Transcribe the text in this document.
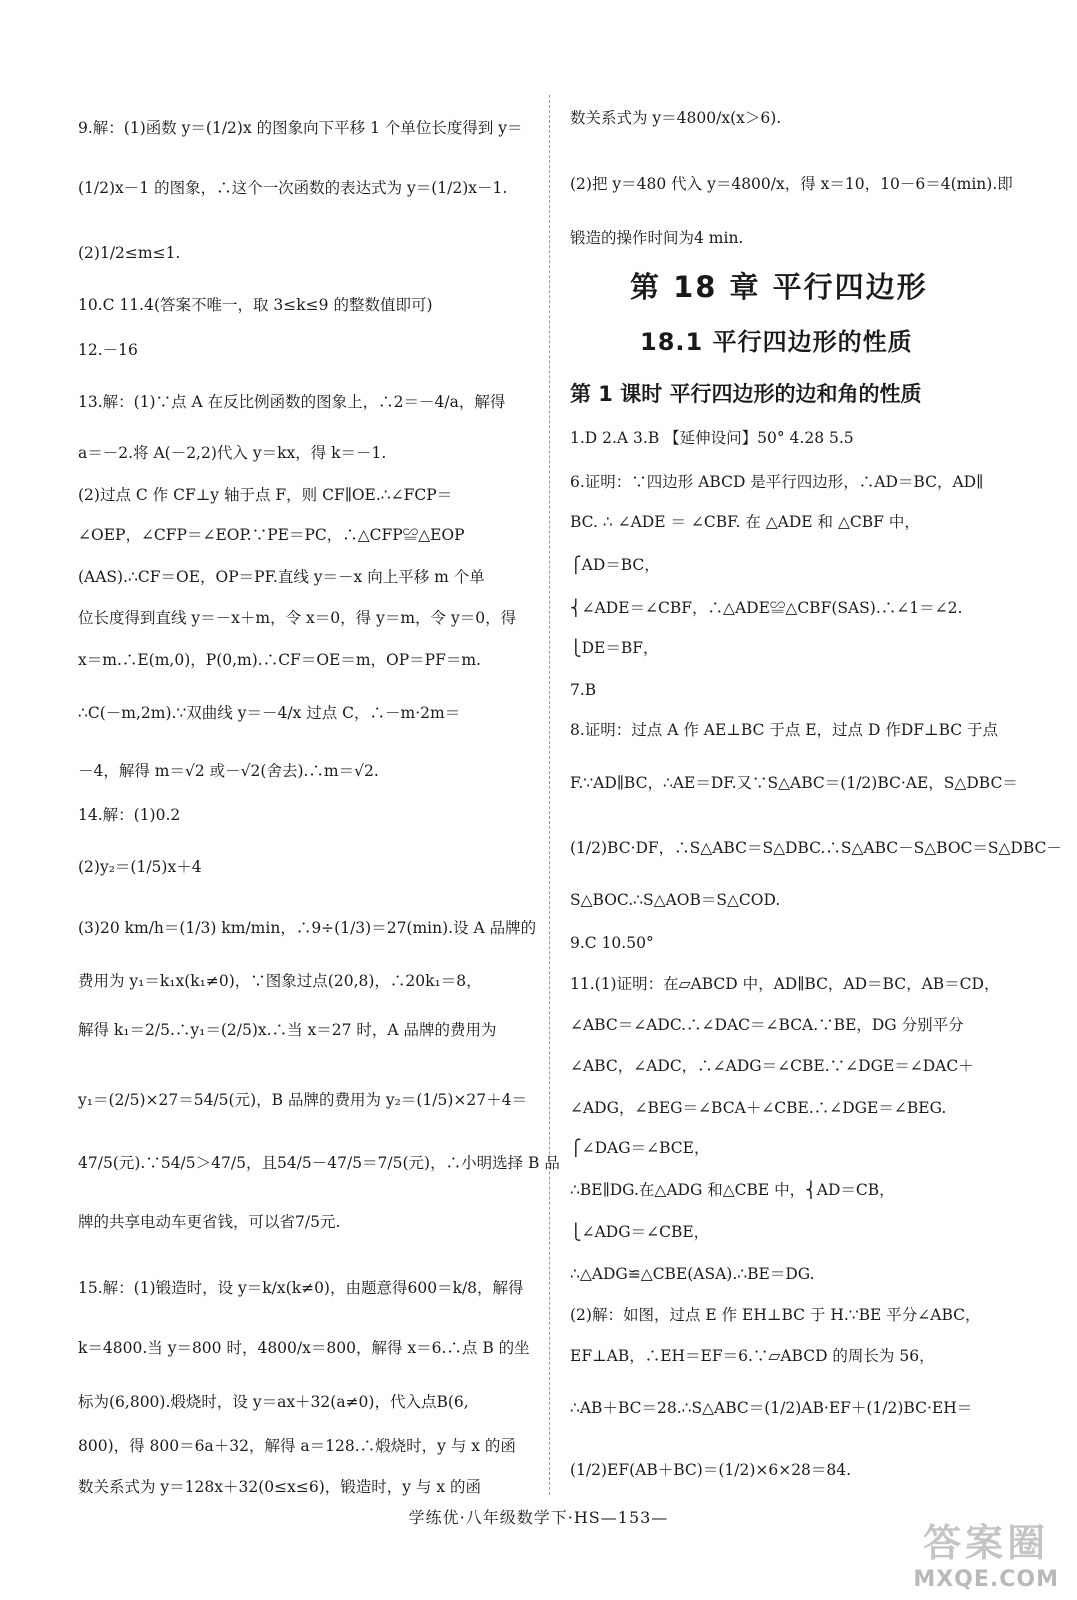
9.解：(1)函数 y＝(1/2)x 的图象向下平移 1 个单位长度得到 y＝
(1/2)x－1 的图象，∴这个一次函数的表达式为 y＝(1/2)x－1.
(2)1/2≤m≤1.
10.C 11.4(答案不唯一，取 3≤k≤9 的整数值即可)
12.－16
13.解：(1)∵点 A 在反比例函数的图象上，∴2＝－4/a，解得
a＝－2.将 A(－2,2)代入 y＝kx，得 k＝－1.
(2)过点 C 作 CF⊥y 轴于点 F，则 CF∥OE.∴∠FCP＝
∠OEP，∠CFP＝∠EOP.∵PE＝PC，∴△CFP≌△EOP
(AAS).∴CF＝OE，OP＝PF.直线 y＝－x 向上平移 m 个单
位长度得到直线 y＝－x＋m，令 x＝0，得 y＝m，令 y＝0，得
x＝m.∴E(m,0)，P(0,m).∴CF＝OE＝m，OP＝PF＝m.
∴C(－m,2m).∵双曲线 y＝－4/x 过点 C，∴－m·2m＝
－4，解得 m＝√2 或－√2(舍去).∴m＝√2.
14.解：(1)0.2
(2)y₂＝(1/5)x＋4
(3)20 km/h＝(1/3) km/min，∴9÷(1/3)＝27(min).设 A 品牌的
费用为 y₁＝k₁x(k₁≠0)，∵图象过点(20,8)，∴20k₁＝8，
解得 k₁＝2/5.∴y₁＝(2/5)x.∴当 x＝27 时，A 品牌的费用为
y₁＝(2/5)×27＝54/5(元)，B 品牌的费用为 y₂＝(1/5)×27＋4＝
47/5(元).∵54/5＞47/5，且54/5－47/5＝7/5(元)，∴小明选择 B 品
牌的共享电动车更省钱，可以省7/5元.
15.解：(1)锻造时，设 y＝k/x(k≠0)，由题意得600＝k/8，解得
k＝4800.当 y＝800 时，4800/x＝800，解得 x＝6.∴点 B 的坐
标为(6,800).煅烧时，设 y＝ax＋32(a≠0)，代入点B(6,
800)，得 800＝6a＋32，解得 a＝128.∴煅烧时，y 与 x 的函
数关系式为 y＝128x＋32(0≤x≤6)，锻造时，y 与 x 的函
数关系式为 y＝4800/x(x＞6).
(2)把 y＝480 代入 y＝4800/x，得 x＝10，10－6＝4(min).即
锻造的操作时间为4 min.
第 18 章 平行四边形
18.1 平行四边形的性质
第 1 课时 平行四边形的边和角的性质
1.D 2.A 3.B 【延伸设问】50° 4.28 5.5
6.证明：∵四边形 ABCD 是平行四边形，∴AD＝BC，AD∥
BC. ∴ ∠ADE ＝ ∠CBF. 在 △ADE 和 △CBF 中，
⎧AD＝BC，
⎨∠ADE＝∠CBF，∴△ADE≌△CBF(SAS).∴∠1＝∠2.
⎩DE＝BF，
7.B
8.证明：过点 A 作 AE⊥BC 于点 E，过点 D 作DF⊥BC 于点
F.∵AD∥BC，∴AE＝DF.又∵S△ABC＝(1/2)BC·AE，S△DBC＝
(1/2)BC·DF，∴S△ABC＝S△DBC.∴S△ABC－S△BOC＝S△DBC－
S△BOC.∴S△AOB＝S△COD.
9.C 10.50°
11.(1)证明：在▱ABCD 中，AD∥BC，AD＝BC，AB＝CD，
∠ABC＝∠ADC.∴∠DAC＝∠BCA.∵BE，DG 分别平分
∠ABC，∠ADC，∴∠ADG＝∠CBE.∵∠DGE＝∠DAC＋
∠ADG，∠BEG＝∠BCA＋∠CBE.∴∠DGE＝∠BEG.
⎧∠DAG＝∠BCE，
∴BE∥DG.在△ADG 和△CBE 中，⎨AD＝CB，
⎩∠ADG＝∠CBE，
∴△ADG≌△CBE(ASA).∴BE＝DG.
(2)解：如图，过点 E 作 EH⊥BC 于 H.∵BE 平分∠ABC，
EF⊥AB，∴EH＝EF＝6.∵▱ABCD 的周长为 56，
∴AB＋BC＝28.∴S△ABC＝(1/2)AB·EF＋(1/2)BC·EH＝
(1/2)EF(AB＋BC)＝(1/2)×6×28＝84.
学练优·八年级数学下·HS—153—
答案圈
MXQE.COM
